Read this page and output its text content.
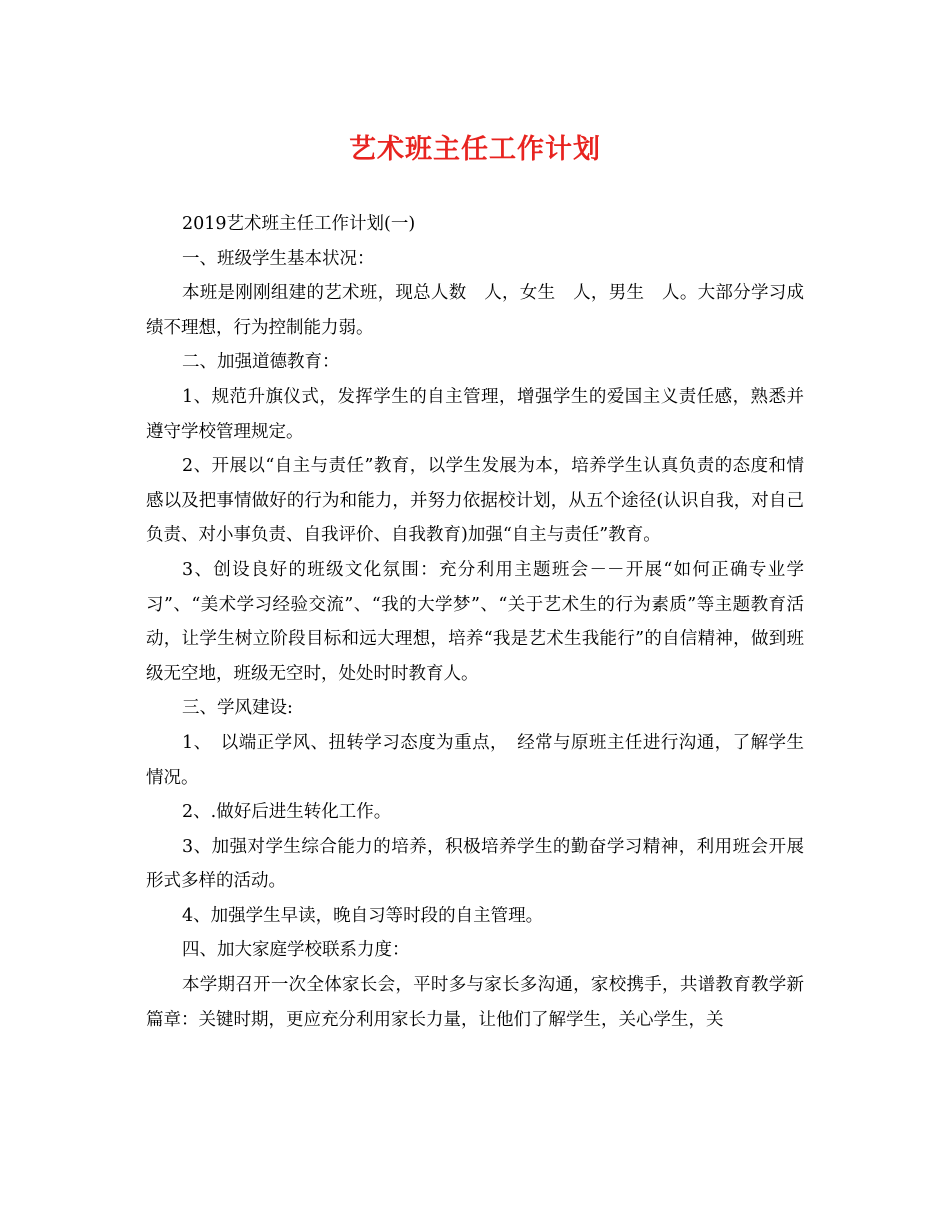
艺术班主任工作计划

2019艺术班主任工作计划(一)

一、班级学生基本状况：

本班是刚刚组建的艺术班，现总人数　人，女生　人，男生　人。大部分学习成绩不理想，行为控制能力弱。

二、加强道德教育：

1、规范升旗仪式，发挥学生的自主管理，增强学生的爱国主义责任感，熟悉并遵守学校管理规定。

2、开展以“自主与责任”教育，以学生发展为本，培养学生认真负责的态度和情感以及把事情做好的行为和能力，并努力依据校计划，从五个途径(认识自我，对自己负责、对小事负责、自我评价、自我教育)加强“自主与责任”教育。

3、创设良好的班级文化氛围：充分利用主题班会－－开展“如何正确专业学习”、“美术学习经验交流”、“我的大学梦”、“关于艺术生的行为素质”等主题教育活动，让学生树立阶段目标和远大理想，培养“我是艺术生我能行”的自信精神，做到班级无空地，班级无空时，处处时时教育人。

三、学风建设:

1、　以端正学风、扭转学习态度为重点，　经常与原班主任进行沟通，了解学生情况。

2、.做好后进生转化工作。

3、加强对学生综合能力的培养，积极培养学生的勤奋学习精神，利用班会开展形式多样的活动。

4、加强学生早读，晚自习等时段的自主管理。

四、加大家庭学校联系力度：

本学期召开一次全体家长会，平时多与家长多沟通，家校携手，共谱教育教学新篇章：关键时期，更应充分利用家长力量，让他们了解学生，关心学生，关
